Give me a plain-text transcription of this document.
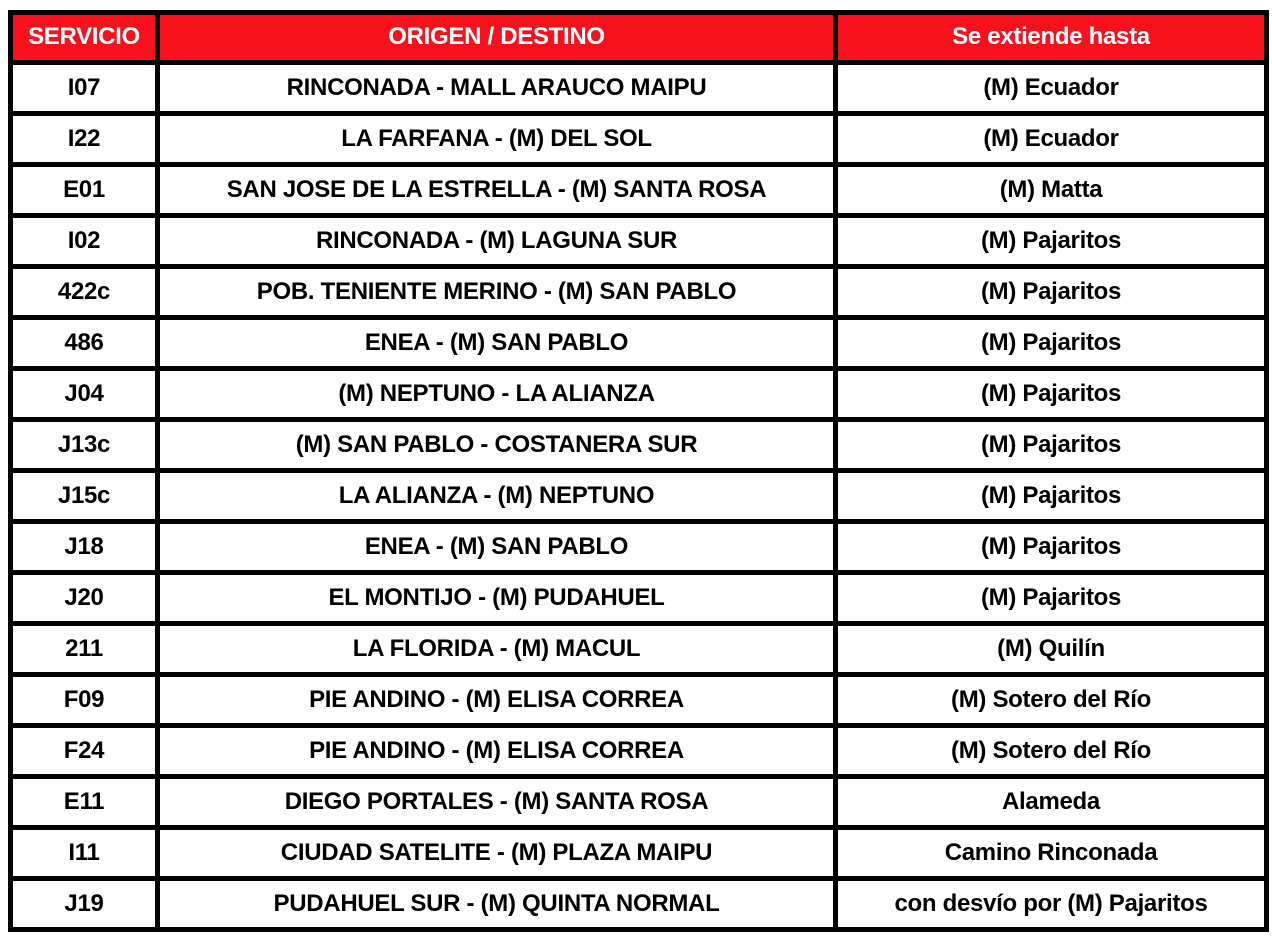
SERVICIO	ORIGEN / DESTINO	Se extiende hasta
I07	RINCONADA - MALL ARAUCO MAIPU	(M) Ecuador
I22	LA FARFANA - (M) DEL SOL	(M) Ecuador
E01	SAN JOSE DE LA ESTRELLA - (M) SANTA ROSA	(M) Matta
I02	RINCONADA - (M) LAGUNA SUR	(M) Pajaritos
422c	POB. TENIENTE MERINO - (M) SAN PABLO	(M) Pajaritos
486	ENEA - (M) SAN PABLO	(M) Pajaritos
J04	(M) NEPTUNO - LA ALIANZA	(M) Pajaritos
J13c	(M) SAN PABLO - COSTANERA SUR	(M) Pajaritos
J15c	LA ALIANZA - (M) NEPTUNO	(M) Pajaritos
J18	ENEA - (M) SAN PABLO	(M) Pajaritos
J20	EL MONTIJO - (M) PUDAHUEL	(M) Pajaritos
211	LA FLORIDA - (M) MACUL	(M) Quilín
F09	PIE ANDINO - (M) ELISA CORREA	(M) Sotero del Río
F24	PIE ANDINO - (M) ELISA CORREA	(M) Sotero del Río
E11	DIEGO PORTALES - (M) SANTA ROSA	Alameda
I11	CIUDAD SATELITE - (M) PLAZA MAIPU	Camino Rinconada
J19	PUDAHUEL SUR - (M) QUINTA NORMAL	con desvío por (M) Pajaritos
